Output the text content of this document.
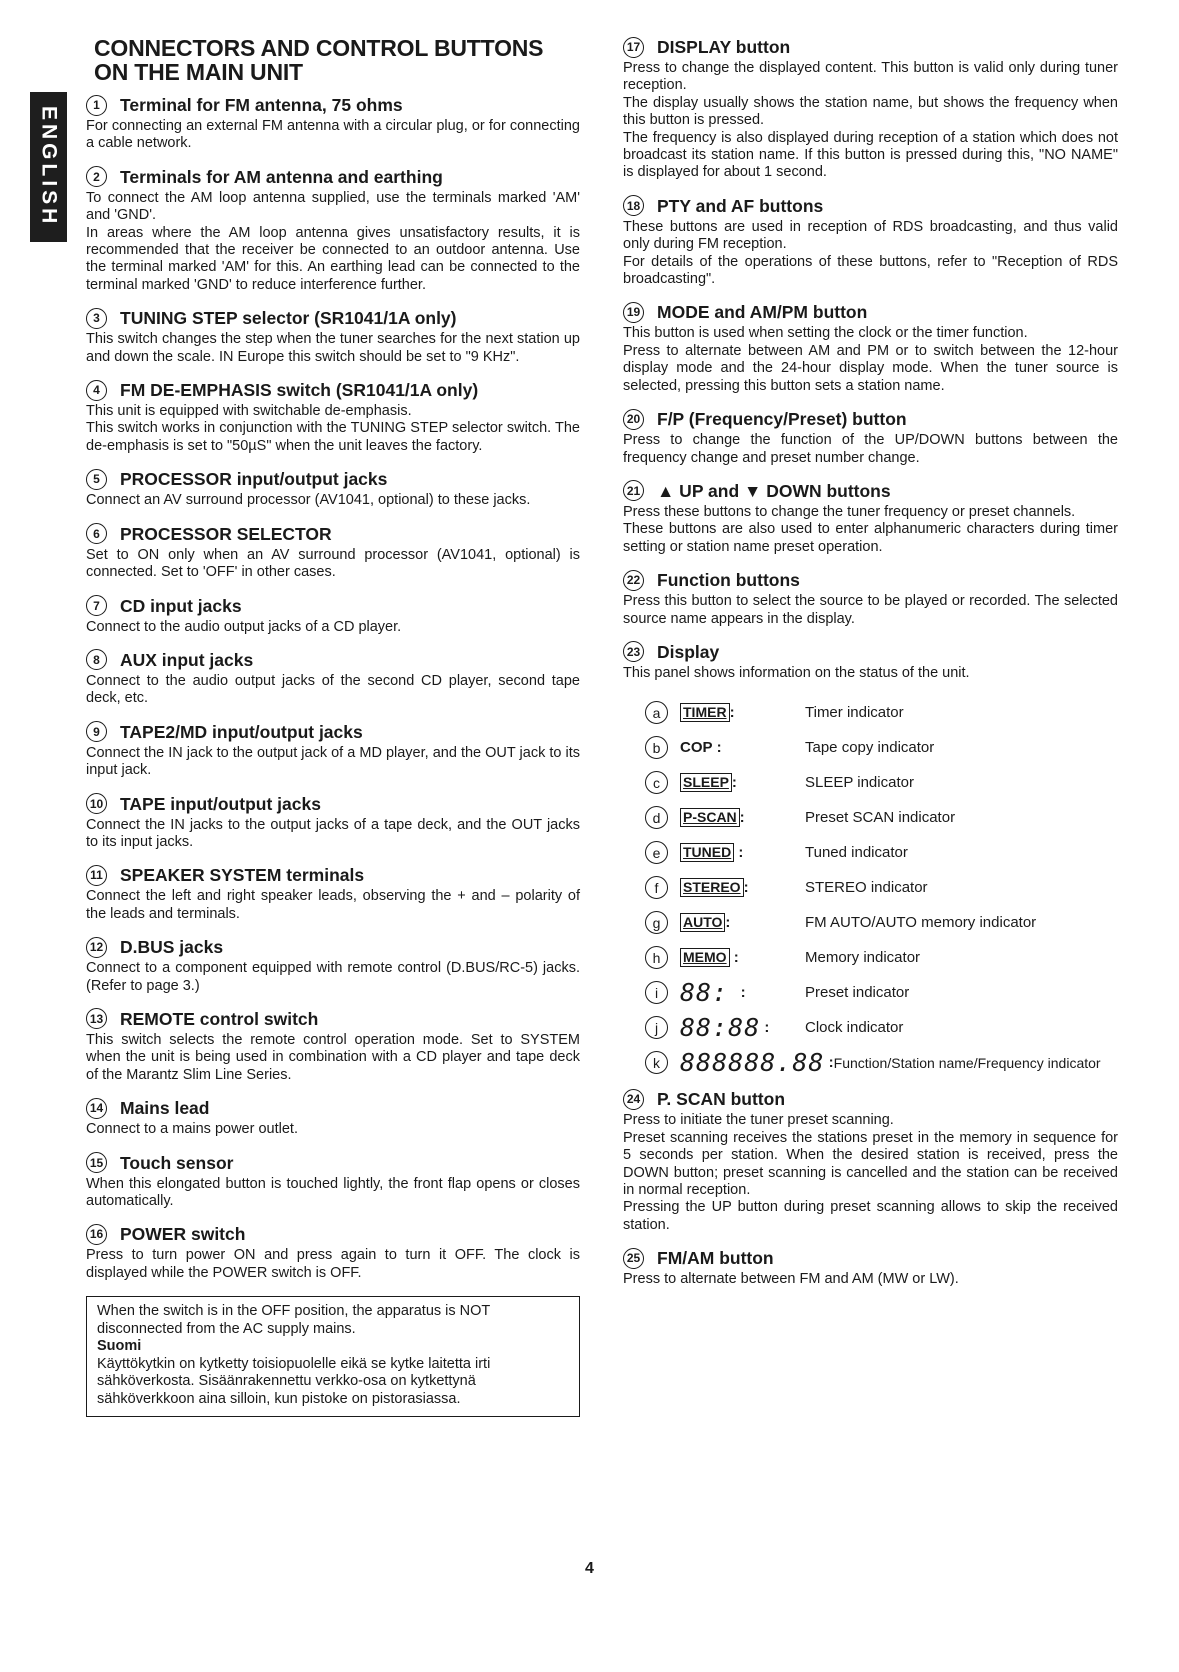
ENGLISH
CONNECTORS AND CONTROL BUTTONS
ON THE MAIN UNIT
1	Terminal for FM antenna, 75 ohms

For connecting an external FM antenna with a circular plug, or for connecting a cable network.

2	Terminals for AM antenna and earthing

To connect the AM loop antenna supplied, use the terminals marked 'AM' and 'GND'.

In areas where the AM loop antenna gives unsatisfactory results, it is recommended that the receiver be connected to an outdoor antenna. Use the terminal marked 'AM' for this. An earthing lead can be connected to the terminal marked 'GND' to reduce interference further.

3	TUNING STEP selector (SR1041/1A only)

This switch changes the step when the tuner searches for the next station up and down the scale. IN Europe this switch should be set to "9 KHz".

4	FM DE-EMPHASIS switch (SR1041/1A only)

This unit is equipped with switchable de-emphasis.

This switch works in conjunction with the TUNING STEP selector switch. The de-emphasis is set to "50µS" when the unit leaves the factory.

5	PROCESSOR input/output jacks

Connect an AV surround processor (AV1041, optional) to these jacks.

6	PROCESSOR SELECTOR

Set to ON only when an AV surround processor (AV1041, optional) is connected. Set to 'OFF' in other cases.

7	CD input jacks

Connect to the audio output jacks of a CD player.

8	AUX input jacks

Connect to the audio output jacks of the second CD player, second tape deck, etc.

9	TAPE2/MD input/output jacks

Connect the IN jack to the output jack of a MD player, and the OUT jack to its input jack.

10 TAPE input/output jacks

Connect the IN jacks to the output jacks of a tape deck, and the OUT jacks to its input jacks.

11 SPEAKER SYSTEM terminals

Connect the left and right speaker leads, observing the + and – polarity of the leads and terminals.

12 D.BUS jacks

Connect to a component equipped with remote control (D.BUS/RC-5) jacks. (Refer to page 3.)

13 REMOTE control switch

This switch selects the remote control operation mode. Set to SYSTEM when the unit is being used in combination with a CD player and tape deck of the Marantz Slim Line Series.

14 Mains lead

Connect to a mains power outlet.

15 Touch sensor

When this elongated button is touched lightly, the front flap opens or closes automatically.

16 POWER switch

Press to turn power ON and press again to turn it OFF. The clock is displayed while the POWER switch is OFF.

When the switch is in the OFF position, the apparatus is NOT disconnected from the AC supply mains.

Suomi

Käyttökytkin on kytketty toisiopuolelle eikä se kytke laitetta irti sähköverkosta. Sisäänrakennettu verkko-osa on kytkettynä sähköverkkoon aina silloin, kun pistoke on pistorasiassa.

17 DISPLAY button

Press to change the displayed content. This button is valid only during tuner reception.

The display usually shows the station name, but shows the frequency when this button is pressed.

The frequency is also displayed during reception of a station which does not broadcast its station name. If this button is pressed during this, "NO NAME" is displayed for about 1 second.

18 PTY and AF buttons

These buttons are used in reception of RDS broadcasting, and thus valid only during FM reception.

For details of the operations of these buttons, refer to "Reception of RDS broadcasting".

19 MODE and AM/PM button

This button is used when setting the clock or the timer function.

Press to alternate between AM and PM or to switch between the 12-hour display mode and the 24-hour display mode. When the tuner source is selected, pressing this button sets a station name.

20 F/P (Frequency/Preset) button

Press to change the function of the UP/DOWN buttons between the frequency change and preset number change.

21 ▲ UP and ▼ DOWN buttons

Press these buttons to change the tuner frequency or preset channels.

These buttons are also used to enter alphanumeric characters during timer setting or station name preset operation.

22 Function buttons

Press this button to select the source to be played or recorded. The selected source name appears in the display.

23 Display

This panel shows information on the status of the unit.

a	TIMER :	Timer indicator
b	COP :	Tape copy indicator
c	SLEEP :	SLEEP indicator
d	P-SCAN :	Preset SCAN indicator
e	TUNED :	Tuned indicator
f	STEREO :	STEREO indicator
g	AUTO :	FM AUTO/AUTO memory indicator
h	MEMO :	Memory indicator
i 88: :	Preset indicator
j 88:88 : Clock indicator
k 888888.88 : Function/Station name/Frequency indicator
24 P. SCAN button

Press to initiate the tuner preset scanning.

Preset scanning receives the stations preset in the memory in sequence for 5 seconds per station. When the desired station is received, press the DOWN button; preset scanning is cancelled and the station can be received in normal reception.

Pressing the UP button during preset scanning allows to skip the received station.

25 FM/AM button

Press to alternate between FM and AM (MW or LW).

4
